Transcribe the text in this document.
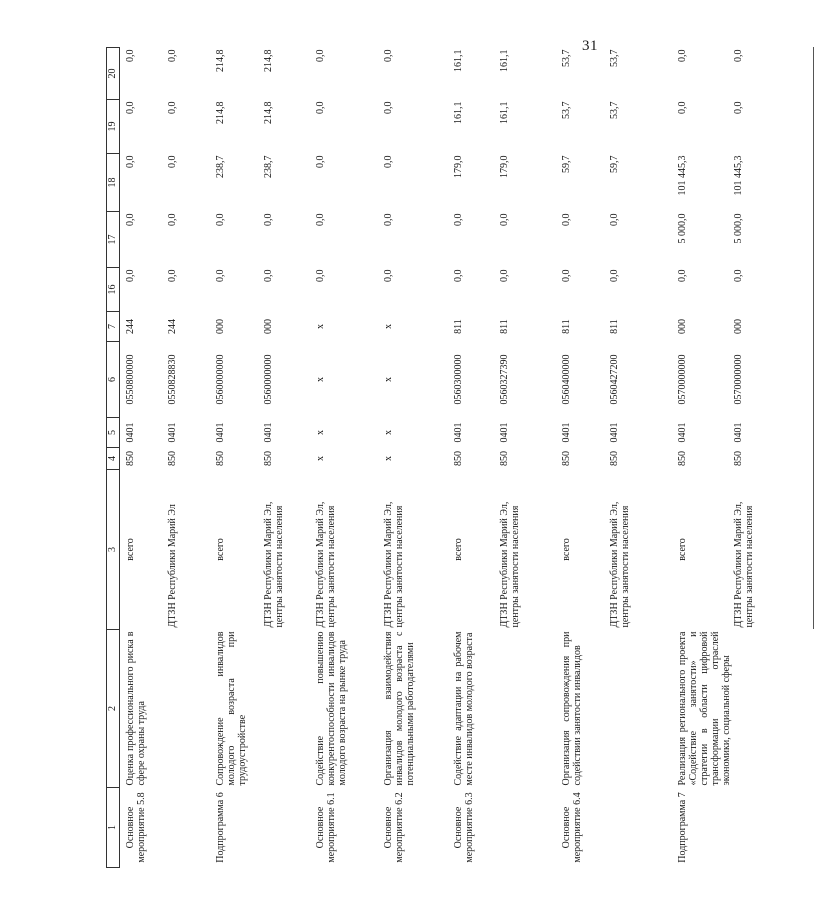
31
1	2	3	4	5	6	7	16	17	18	19	20
Основное мероприятие 5.8	Оценка профессионального риска в сфере охраны труда	всего	850	0401	0550800000	244	0,0	0,0	0,0	0,0	0,0
		ДТЗН Республики Марий Эл	850	0401	0550828830	244	0,0	0,0	0,0	0,0	0,0
Подпрограмма 6	Сопровождение инвалидов молодого возраста при трудоустройстве	всего	850	0401	0560000000	000	0,0	0,0	238,7	214,8	214,8
		ДТЗН Республики Марий Эл, центры занятости населения	850	0401	0560000000	000	0,0	0,0	238,7	214,8	214,8
Основное мероприятие 6.1	Содействие повышению конкурентоспособности инвалидов молодого возраста на рынке труда	ДТЗН Республики Марий Эл, центры занятости населения	x	x	x	x	0,0	0,0	0,0	0,0	0,0
Основное мероприятие 6.2	Организация взаимодействия инвалидов молодого возраста с потенциальными работодателями	ДТЗН Республики Марий Эл, центры занятости населения	x	x	x	x	0,0	0,0	0,0	0,0	0,0
Основное мероприятие 6.3	Содействие адаптации на рабочем месте инвалидов молодого возраста	всего	850	0401	0560300000	811	0,0	0,0	179,0	161,1	161,1
		ДТЗН Республики Марий Эл, центры занятости населения	850	0401	0560327390	811	0,0	0,0	179,0	161,1	161,1
Основное мероприятие 6.4	Организация сопровождения при содействии занятости инвалидов	всего	850	0401	0560400000	811	0,0	0,0	59,7	53,7	53,7
		ДТЗН Республики Марий Эл, центры занятости населения	850	0401	0560427200	811	0,0	0,0	59,7	53,7	53,7
Подпрограмма 7	Реализация регионального проекта «Содействие занятости» и стратегии в области цифровой трансформации отраслей экономики, социальной сферы	всего	850	0401	0570000000	000	0,0	5 000,0	101 445,3	0,0	0,0
		ДТЗН Республики Марий Эл, центры занятости населения	850	0401	0570000000	000	0,0	5 000,0	101 445,3	0,0	0,0
